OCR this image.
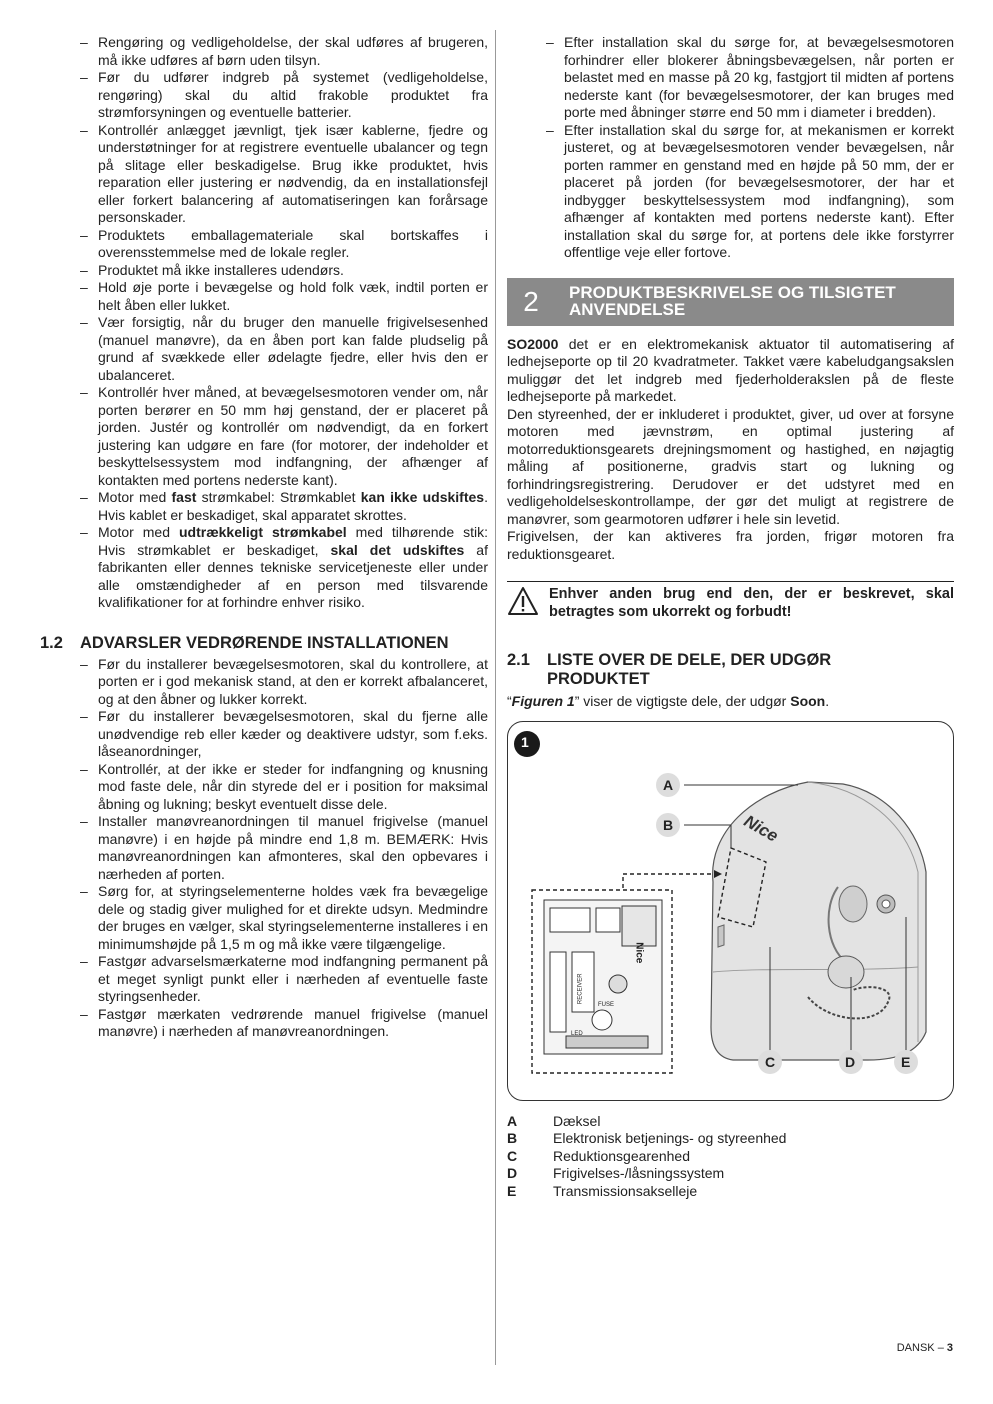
– Rengøring og vedligeholdelse, der skal udføres af brugeren, må ikke udføres af børn uden tilsyn.
– Før du udfører indgreb på systemet (vedligeholdelse, rengøring) skal du altid frakoble produktet fra strømforsyningen og eventuelle batterier.
– Kontrollér anlægget jævnligt, tjek især kablerne, fjedre og understøtninger for at registrere eventuelle ubalancer og tegn på slitage eller beskadigelse. Brug ikke produktet, hvis reparation eller justering er nødvendig, da en installationsfejl eller forkert balancering af automatiseringen kan forårsage personskader.
– Produktets emballagemateriale skal bortskaffes i overensstemmelse med de lokale regler.
– Produktet må ikke installeres udendørs.
– Hold øje porte i bevægelse og hold folk væk, indtil porten er helt åben eller lukket.
– Vær forsigtig, når du bruger den manuelle frigivelsesenhed (manuel manøvre), da en åben port kan falde pludselig på grund af svækkede eller ødelagte fjedre, eller hvis den er ubalanceret.
– Kontrollér hver måned, at bevægelsesmotoren vender om, når porten berører en 50 mm høj genstand, der er placeret på jorden. Justér og kontrollér om nødvendigt, da en forkert justering kan udgøre en fare (for motorer, der indeholder et beskyttelsessystem mod indfangning, der afhænger af kontakten med portens nederste kant).
– Motor med fast strømkabel: Strømkablet kan ikke udskiftes. Hvis kablet er beskadiget, skal apparatet skrottes.
– Motor med udtrækkeligt strømkabel med tilhørende stik: Hvis strømkablet er beskadiget, skal det udskiftes af fabrikanten eller dennes tekniske servicetjeneste eller under alle omstændigheder af en person med tilsvarende kvalifikationer for at forhindre enhver risiko.
1.2	ADVARSLER VEDRØRENDE INSTALLATIONEN
– Før du installerer bevægelsesmotoren, skal du kontrollere, at porten er i god mekanisk stand, at den er korrekt afbalanceret, og at den åbner og lukker korrekt.
– Før du installerer bevægelsesmotoren, skal du fjerne alle unødvendige reb eller kæder og deaktivere udstyr, som f.eks. låseanordninger,
– Kontrollér, at der ikke er steder for indfangning og knusning mod faste dele, når din styrede del er i position for maksimal åbning og lukning; beskyt eventuelt disse dele.
– Installer manøvreanordningen til manuel frigivelse (manuel manøvre) i en højde på mindre end 1,8 m. BEMÆRK: Hvis manøvreanordningen kan afmonteres, skal den opbevares i nærheden af porten.
– Sørg for, at styringselementerne holdes væk fra bevægelige dele og stadig giver mulighed for et direkte udsyn. Medmindre der bruges en vælger, skal styringselementerne installeres i en minimumshøjde på 1,5 m og må ikke være tilgængelige.
– Fastgør advarselsmærkaterne mod indfangning permanent på et meget synligt punkt eller i nærheden af eventuelle faste styringsenheder.
– Fastgør mærkaten vedrørende manuel frigivelse (manuel manøvre) i nærheden af manøvreanordningen.
– Efter installation skal du sørge for, at bevægelsesmotoren forhindrer eller blokerer åbningsbevægelsen, når porten er belastet med en masse på 20 kg, fastgjort til midten af portens nederste kant (for bevægelsesmotorer, der kan bruges med porte med åbninger større end 50 mm i diameter i bredden).
– Efter installation skal du sørge for, at mekanismen er korrekt justeret, og at bevægelsesmotoren vender bevægelsen, når porten rammer en genstand med en højde på 50 mm, der er placeret på jorden (for bevægelsesmotorer, der har et indbygger beskyttelsessystem mod indfangning), som afhænger af kontakten med portens nederste kant). Efter installation skal du sørge for, at portens dele ikke forstyrrer offentlige veje eller fortove.
2	PRODUKTBESKRIVELSE OG TILSIGTET
ANVENDELSE

SO2000 det er en elektromekanisk aktuator til automatisering af ledhejseporte op til 20 kvadratmeter. Takket være kabeludgangsakslen muliggør det let indgreb med fjederholderakslen på de fleste ledhejseporte på markedet.

Den styreenhed, der er inkluderet i produktet, giver, ud over at forsyne motoren med jævnstrøm, en optimal justering af motorreduktionsgearets drejningsmoment og hastighed, en nøjagtig måling af positionerne, gradvis start og lukning og forhindringsregistrering. Derudover er det udstyret med en vedligeholdelseskontrollampe, der gør det muligt at registrere de manøvrer, som gearmotoren udfører i hele sin levetid.

Frigivelsen, der kan aktiveres fra jorden, frigør motoren fra reduktionsgearet.

Enhver anden brug end den, der er beskrevet, skal betragtes som ukorrekt og forbudt!
2.1	LISTE OVER DE DELE, DER UDGØR
PRODUKTET

“Figuren 1” viser de vigtigste dele, der udgør Soon.

1
Nice
Nice
RECEIVER
FUSE
LED
A
B
C	D	E
A	Dæksel
B	Elektronisk betjenings- og styreenhed
C	Reduktionsgearenhed
D	Frigivelses-/låsningssystem
E	Transmissionsakselleje
DANSK – 3
